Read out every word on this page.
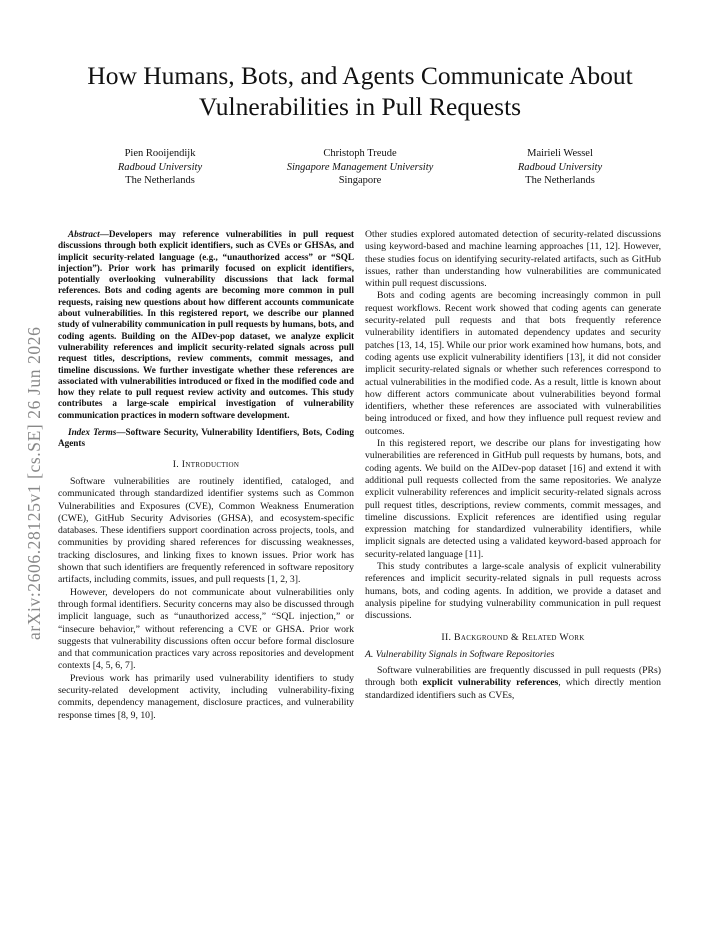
How Humans, Bots, and Agents Communicate About Vulnerabilities in Pull Requests
Pien Rooijendijk
Radboud University
The Netherlands
Christoph Treude
Singapore Management University
Singapore
Mairieli Wessel
Radboud University
The Netherlands
arXiv:2606.28125v1 [cs.SE] 26 Jun 2026

Abstract—Developers may reference vulnerabilities in pull request discussions through both explicit identifiers, such as CVEs or GHSAs, and implicit security-related language (e.g., “unauthorized access” or “SQL injection”). Prior work has primarily focused on explicit identifiers, potentially overlooking vulnerability discussions that lack formal references. Bots and coding agents are becoming more common in pull requests, raising new questions about how different accounts communicate about vulnerabilities. In this registered report, we describe our planned study of vulnerability communication in pull requests by humans, bots, and coding agents. Building on the AIDev-pop dataset, we analyze explicit vulnerability references and implicit security-related signals across pull request titles, descriptions, review comments, commit messages, and timeline discussions. We further investigate whether these references are associated with vulnerabilities introduced or fixed in the modified code and how they relate to pull request review activity and outcomes. This study contributes a large-scale empirical investigation of vulnerability communication practices in modern software development.

Index Terms—Software Security, Vulnerability Identifiers, Bots, Coding Agents

I. Introduction

Software vulnerabilities are routinely identified, cataloged, and communicated through standardized identifier systems such as Common Vulnerabilities and Exposures (CVE), Common Weakness Enumeration (CWE), GitHub Security Advisories (GHSA), and ecosystem-specific databases. These identifiers support coordination across projects, tools, and communities by providing shared references for discussing weaknesses, tracking disclosures, and linking fixes to known issues. Prior work has shown that such identifiers are frequently referenced in software repository artifacts, including commits, issues, and pull requests [1, 2, 3].

However, developers do not communicate about vulnerabilities only through formal identifiers. Security concerns may also be discussed through implicit language, such as “unauthorized access,” “SQL injection,” or “insecure behavior,” without referencing a CVE or GHSA. Prior work suggests that vulnerability discussions often occur before formal disclosure and that communication practices vary across repositories and development contexts [4, 5, 6, 7].

Previous work has primarily used vulnerability identifiers to study security-related development activity, including vulnerability-fixing commits, dependency management, disclosure practices, and vulnerability response times [8, 9, 10].

Other studies explored automated detection of security-related discussions using keyword-based and machine learning approaches [11, 12]. However, these studies focus on identifying security-related artifacts, such as GitHub issues, rather than understanding how vulnerabilities are communicated within pull request discussions.

Bots and coding agents are becoming increasingly common in pull request workflows. Recent work showed that coding agents can generate security-related pull requests and that bots frequently reference vulnerability identifiers in automated dependency updates and security patches [13, 14, 15]. While our prior work examined how humans, bots, and coding agents use explicit vulnerability identifiers [13], it did not consider implicit security-related signals or whether such references correspond to actual vulnerabilities in the modified code. As a result, little is known about how different actors communicate about vulnerabilities beyond formal identifiers, whether these references are associated with vulnerabilities being introduced or fixed, and how they influence pull request review and outcomes.

In this registered report, we describe our plans for investigating how vulnerabilities are referenced in GitHub pull requests by humans, bots, and coding agents. We build on the AIDev-pop dataset [16] and extend it with additional pull requests collected from the same repositories. We analyze explicit vulnerability references and implicit security-related signals across pull request titles, descriptions, review comments, commit messages, and timeline discussions. Explicit references are identified using regular expression matching for standardized vulnerability identifiers, while implicit signals are detected using a validated keyword-based approach for security-related language [11].

This study contributes a large-scale analysis of explicit vulnerability references and implicit security-related signals in pull requests across humans, bots, and coding agents. In addition, we provide a dataset and analysis pipeline for studying vulnerability communication in pull request discussions.

II. Background & Related Work
A. Vulnerability Signals in Software Repositories

Software vulnerabilities are frequently discussed in pull requests (PRs) through both explicit vulnerability references, which directly mention standardized identifiers such as CVEs,
